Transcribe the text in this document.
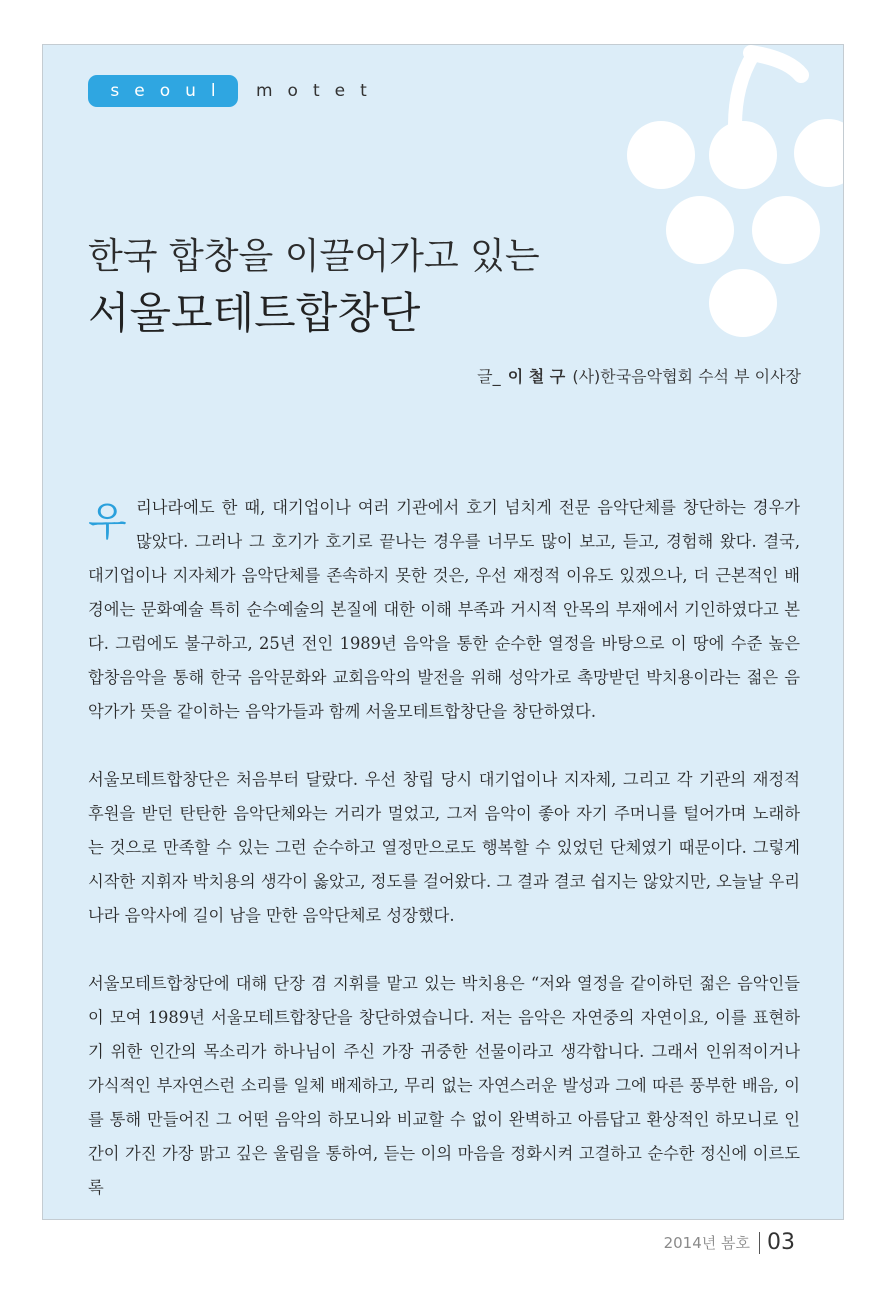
seoul	motet
한국 합창을 이끌어가고 있는
서울모테트합창단
글_ 이 철 구 (사)한국음악협회 수석 부 이사장

우 리나라에도 한 때, 대기업이나 여러 기관에서 호기 넘치게 전문 음악단체를 창단하는 경우가 많았다. 그러나 그 호기가 호기로 끝나는 경우를 너무도 많이 보고, 듣고, 경험해 왔다. 결국, 대기업이나 지자체가 음악단체를 존속하지 못한 것은, 우선 재정적 이유도 있겠으나, 더 근본적인 배경에는 문화예술 특히 순수예술의 본질에 대한 이해 부족과 거시적 안목의 부재에서 기인하였다고 본다. 그럼에도 불구하고, 25년 전인 1989년 음악을 통한 순수한 열정을 바탕으로 이 땅에 수준 높은 합창음악을 통해 한국 음악문화와 교회음악의 발전을 위해 성악가로 촉망받던 박치용이라는 젊은 음악가가 뜻을 같이하는 음악가들과 함께 서울모테트합창단을 창단하였다.

서울모테트합창단은 처음부터 달랐다. 우선 창립 당시 대기업이나 지자체, 그리고 각 기관의 재정적 후원을 받던 탄탄한 음악단체와는 거리가 멀었고, 그저 음악이 좋아 자기 주머니를 털어가며 노래하는 것으로 만족할 수 있는 그런 순수하고 열정만으로도 행복할 수 있었던 단체였기 때문이다. 그렇게 시작한 지휘자 박치용의 생각이 옳았고, 정도를 걸어왔다. 그 결과 결코 쉽지는 않았지만, 오늘날 우리나라 음악사에 길이 남을 만한 음악단체로 성장했다.

서울모테트합창단에 대해 단장 겸 지휘를 맡고 있는 박치용은 “저와 열정을 같이하던 젊은 음악인들이 모여 1989년 서울모테트합창단을 창단하였습니다. 저는 음악은 자연중의 자연이요, 이를 표현하기 위한 인간의 목소리가 하나님이 주신 가장 귀중한 선물이라고 생각합니다. 그래서 인위적이거나 가식적인 부자연스런 소리를 일체 배제하고, 무리 없는 자연스러운 발성과 그에 따른 풍부한 배음, 이를 통해 만들어진 그 어떤 음악의 하모니와 비교할 수 없이 완벽하고 아름답고 환상적인 하모니로 인간이 가진 가장 맑고 깊은 울림을 통하여, 듣는 이의 마음을 정화시켜 고결하고 순수한 정신에 이르도록

2014년 봄호 03
